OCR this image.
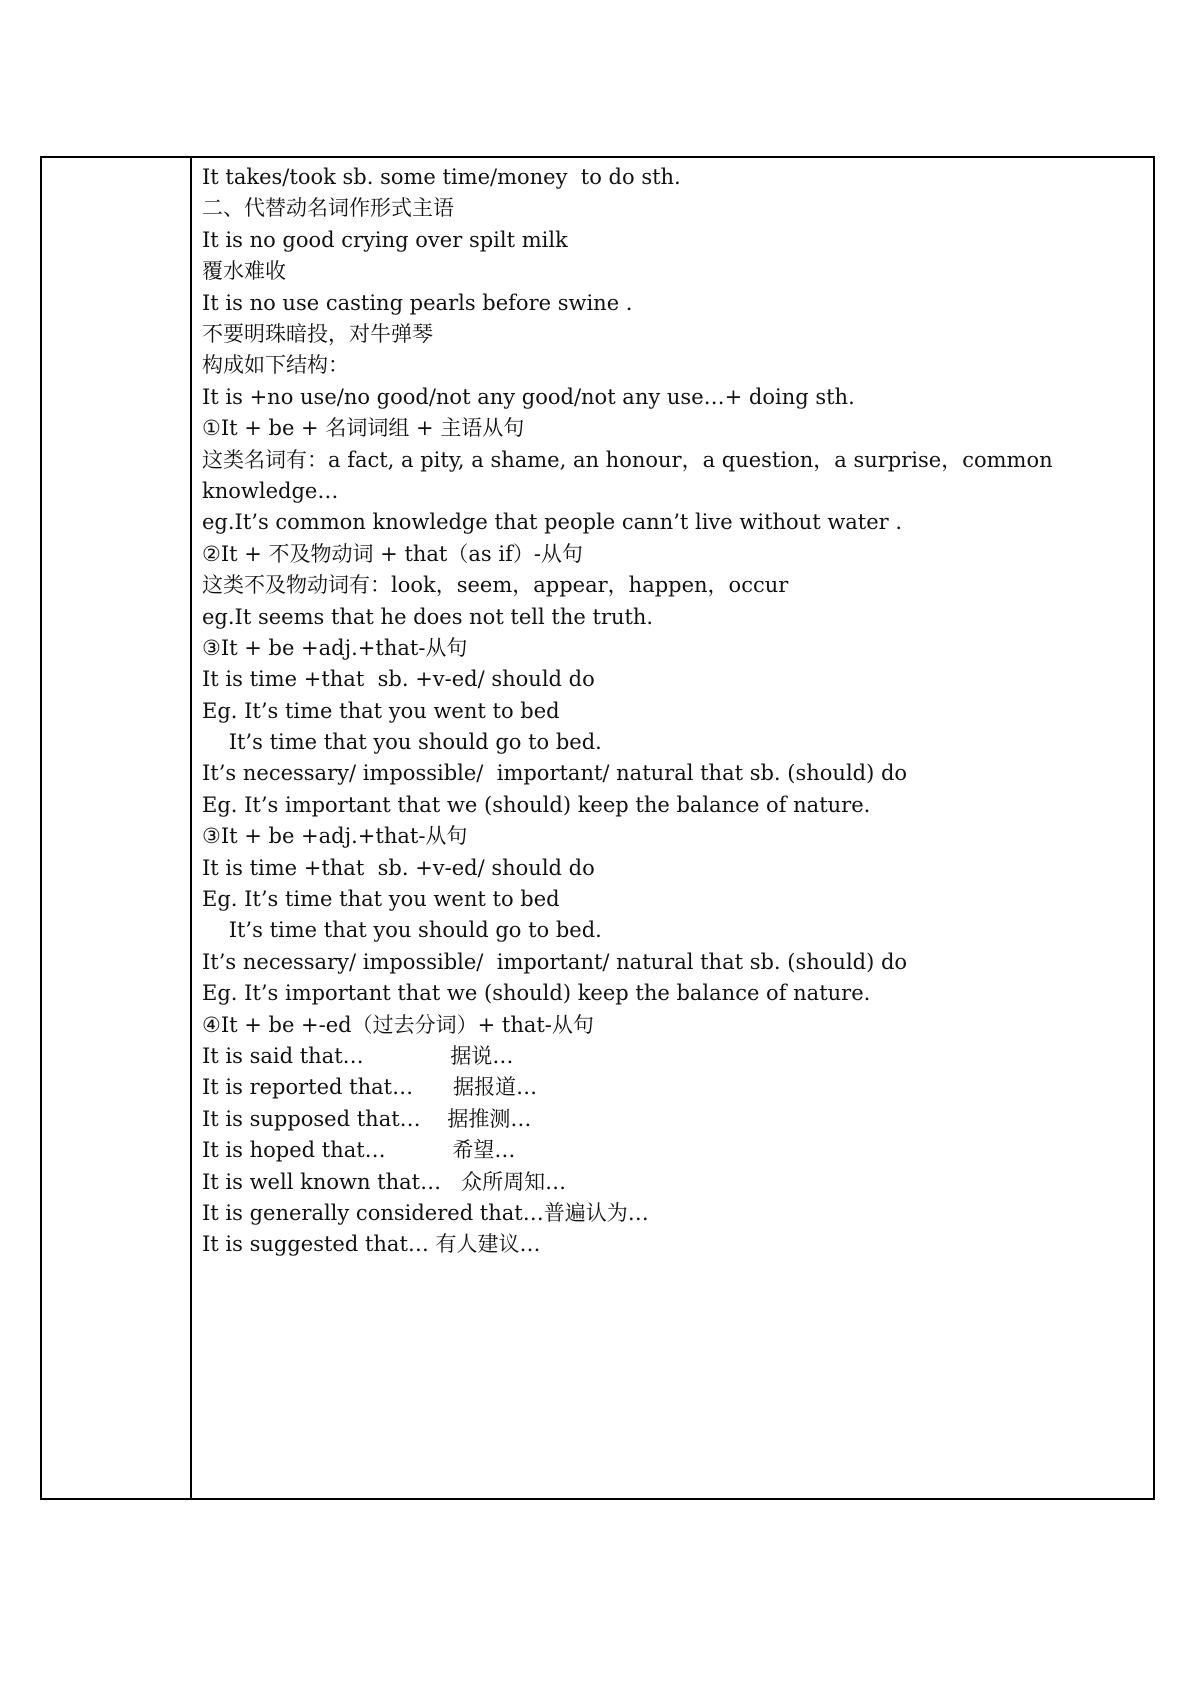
It takes/took sb. some time/money  to do sth.
二、代替动名词作形式主语
It is no good crying over spilt milk
覆水难收
It is no use casting pearls before swine .
不要明珠暗投，对牛弹琴
构成如下结构：
It is +no use/no good/not any good/not any use…+ doing sth.
①It + be + 名词词组 + 主语从句
这类名词有：a fact, a pity, a shame, an honour，a question，a surprise，common knowledge…
eg.It’s common knowledge that people cann’t live without water .
②It + 不及物动词 + that（as if）-从句
这类不及物动词有：look，seem，appear，happen，occur
eg.It seems that he does not tell the truth.
③It + be +adj.+that-从句
It is time +that  sb. +v-ed/ should do
Eg. It’s time that you went to bed
It’s time that you should go to bed.
It’s necessary/ impossible/  important/ natural that sb. (should) do
Eg. It’s important that we (should) keep the balance of nature.
③It + be +adj.+that-从句
It is time +that  sb. +v-ed/ should do
Eg. It’s time that you went to bed
It’s time that you should go to bed.
It’s necessary/ impossible/  important/ natural that sb. (should) do
Eg. It’s important that we (should) keep the balance of nature.
④It + be +-ed（过去分词）+ that-从句
It is said that…             据说…
It is reported that…      据报道…
It is supposed that…    据推测…
It is hoped that…          希望…
It is well known that…   众所周知…
It is generally considered that…普遍认为…
It is suggested that… 有人建议…
